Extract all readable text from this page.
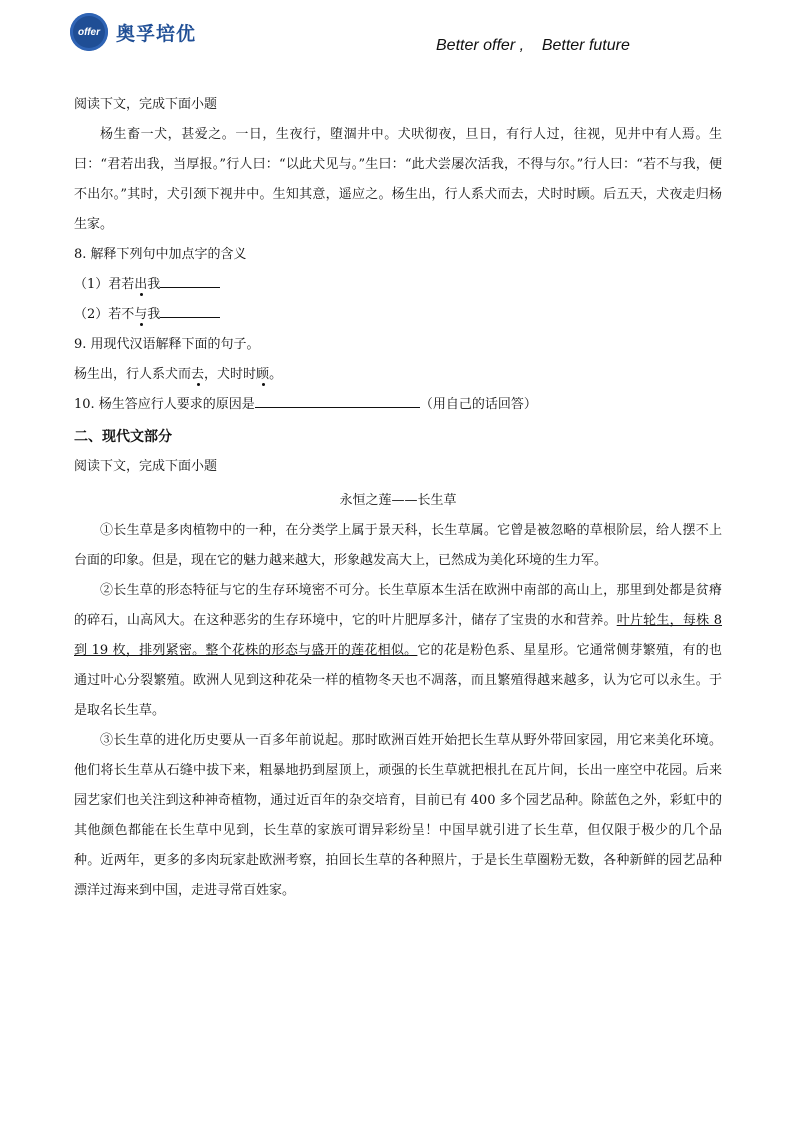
offer 奥孚培优
Better offer ,    Better future

阅读下文，完成下面小题

杨生畜一犬，甚爱之。一日，生夜行，堕涸井中。犬吠彻夜，旦日，有行人过，往视，见井中有人焉。生曰：“君若出我，当厚报。”行人曰：“以此犬见与。”生曰：“此犬尝屡次活我，不得与尔。”行人曰：“若不与我，便不出尔。”其时，犬引颈下视井中。生知其意，遥应之。杨生出，行人系犬而去，犬时时顾。后五天，犬夜走归杨生家。

8. 解释下列句中加点字的含义

（1）君若出我

（2）若不与我

9. 用现代汉语解释下面的句子。

杨生出，行人系犬而去，犬时时顾。

10. 杨生答应行人要求的原因是	（用自己的话回答）

二、现代文部分

阅读下文，完成下面小题

永恒之莲——长生草

①长生草是多肉植物中的一种，在分类学上属于景天科，长生草属。它曾是被忽略的草根阶层，给人摆不上台面的印象。但是，现在它的魅力越来越大，形象越发高大上，已然成为美化环境的生力军。

②长生草的形态特征与它的生存环境密不可分。长生草原本生活在欧洲中南部的高山上，那里到处都是贫瘠的碎石，山高风大。在这种恶劣的生存环境中，它的叶片肥厚多汁，储存了宝贵的水和营养。叶片轮生，每株 8 到 19 枚，排列紧密。整个花株的形态与盛开的莲花相似。它的花是粉色系、星星形。它通常侧芽繁殖，有的也通过叶心分裂繁殖。欧洲人见到这种花朵一样的植物冬天也不凋落，而且繁殖得越来越多，认为它可以永生。于是取名长生草。

③长生草的进化历史要从一百多年前说起。那时欧洲百姓开始把长生草从野外带回家园，用它来美化环境。他们将长生草从石缝中拔下来，粗暴地扔到屋顶上，顽强的长生草就把根扎在瓦片间，长出一座空中花园。后来园艺家们也关注到这种神奇植物，通过近百年的杂交培育，目前已有 400 多个园艺品种。除蓝色之外，彩虹中的其他颜色都能在长生草中见到，长生草的家族可谓异彩纷呈！中国早就引进了长生草，但仅限于极少的几个品种。近两年，更多的多肉玩家赴欧洲考察，拍回长生草的各种照片，于是长生草圈粉无数，各种新鲜的园艺品种漂洋过海来到中国，走进寻常百姓家。
